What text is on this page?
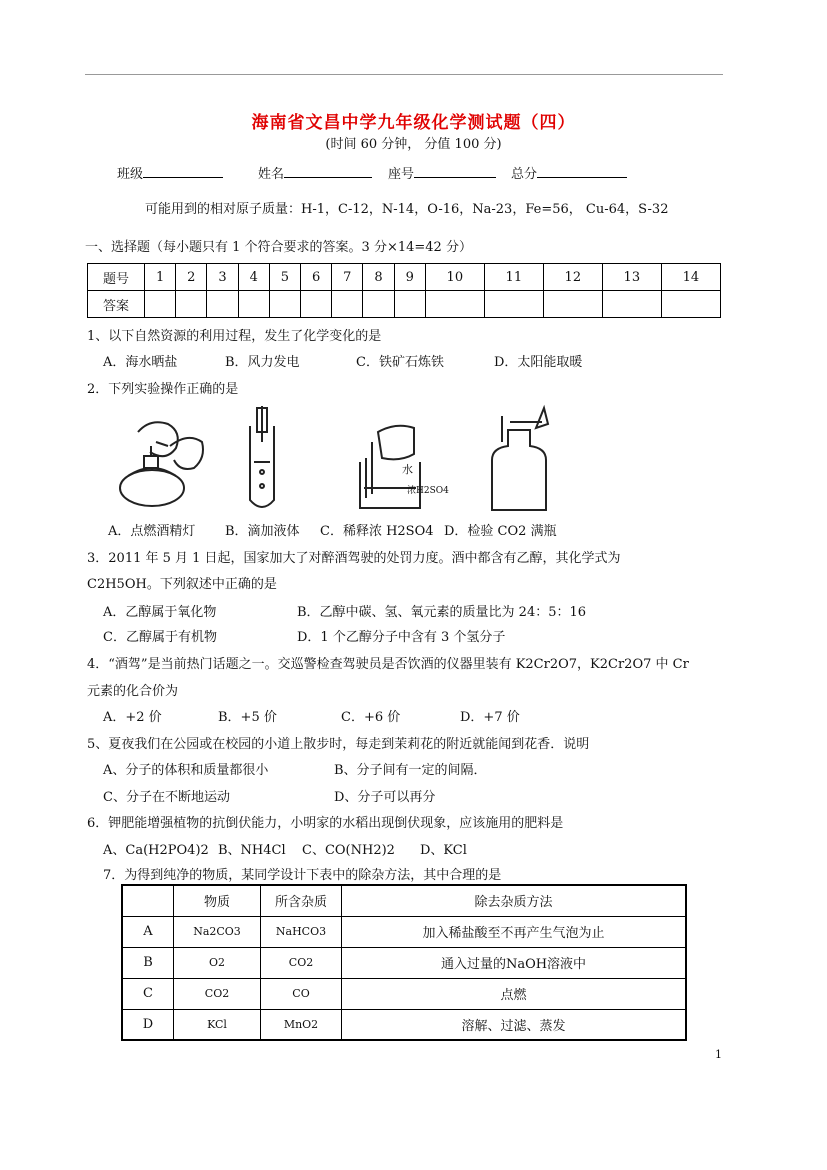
海南省文昌中学九年级化学测试题（四）
(时间 60 分钟， 分值 100 分)
班级	姓名	座号	总分
可能用到的相对原子质量：H-1，C-12，N-14，O-16，Na-23，Fe=56， Cu-64，S-32
一、选择题（每小题只有 1 个符合要求的答案。3 分×14=42 分）
题号	1	2	3	4	5	6	7	8	9	10	11	12	13	14
答案														
1、以下自然资源的利用过程，发生了化学变化的是
A．海水晒盐	B．风力发电	C．铁矿石炼铁	D．太阳能取暖
2．下列实验操作正确的是
水
浓H2SO4
A．点燃酒精灯 B．滴加液体 C．稀释浓 H2SO4 D．检验 CO2 满瓶
3．2011 年 5 月 1 日起，国家加大了对醉酒驾驶的处罚力度。酒中都含有乙醇，其化学式为
C2H5OH。下列叙述中正确的是
A．乙醇属于氧化物	B．乙醇中碳、氢、氧元素的质量比为 24：5：16
C．乙醇属于有机物	D．1 个乙醇分子中含有 3 个氢分子
4．“酒驾”是当前热门话题之一。交巡警检查驾驶员是否饮酒的仪器里装有 K2Cr2O7，K2Cr2O7 中 Cr
元素的化合价为
A．+2 价	B．+5 价	C．+6 价	D．+7 价
5、夏夜我们在公园或在校园的小道上散步时，每走到茉莉花的附近就能闻到花香．说明
A、分子的体积和质量都很小	B、分子间有一定的间隔．
C、分子在不断地运动	D、分子可以再分
6．钾肥能增强植物的抗倒伏能力，小明家的水稻出现倒伏现象，应该施用的肥料是
A、Ca(H2PO4)2 B、NH4Cl C、CO(NH2)2 D、KCl
7．为得到纯净的物质，某同学设计下表中的除杂方法，其中合理的是
	物质	所含杂质	除去杂质方法
A	Na2CO3	NaHCO3	加入稀盐酸至不再产生气泡为止
B	O2	CO2	通入过量的NaOH溶液中
C	CO2	CO	点燃
D	KCl	MnO2	溶解、过滤、蒸发
1
